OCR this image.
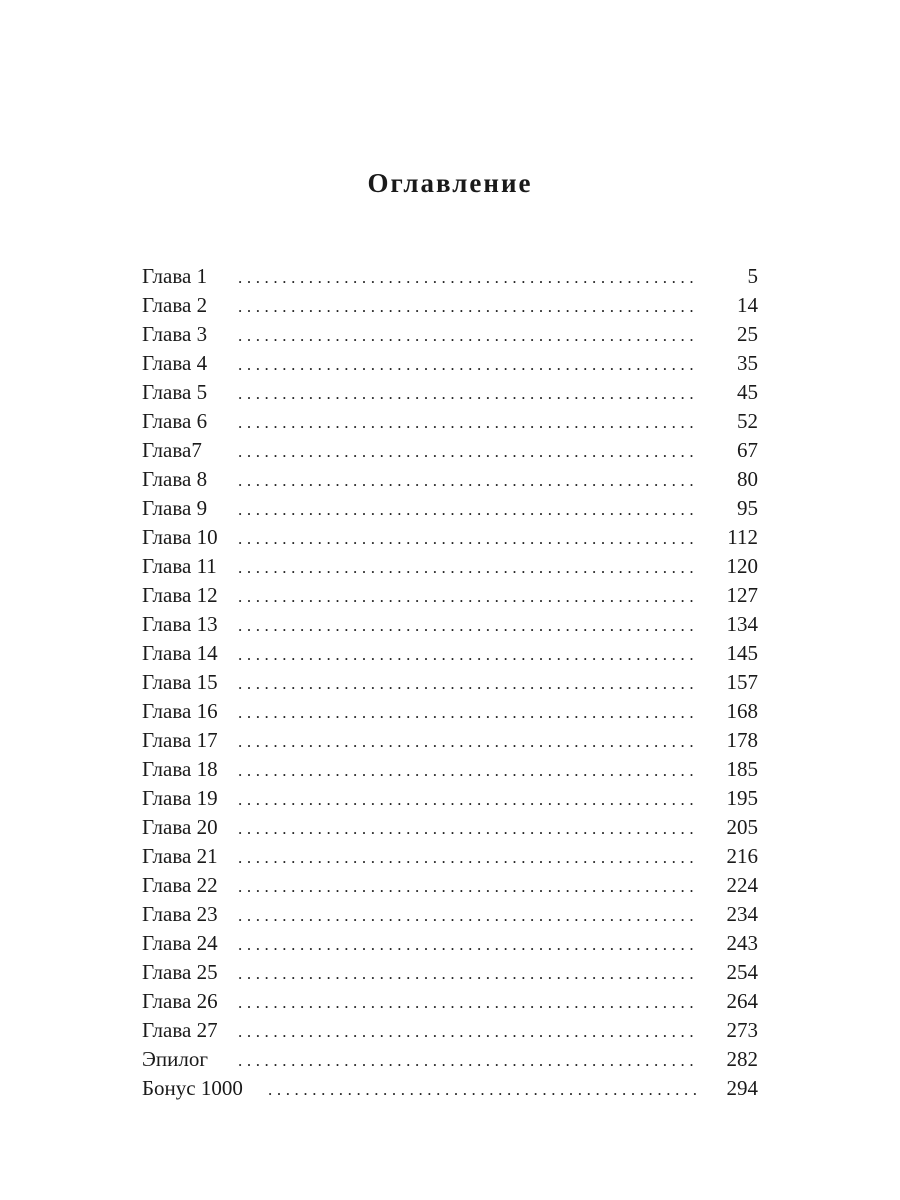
Оглавление
Глава 1 .....	5
Глава 2 .....	14
Глава 3 .....	25
Глава 4 .....	35
Глава 5 .....	45
Глава 6 .....	52
Глава7 .....	67
Глава 8 .....	80
Глава 9 .....	95
Глава 10 .....	112
Глава 11 .....	120
Глава 12 .....	127
Глава 13 .....	134
Глава 14 .....	145
Глава 15 .....	157
Глава 16 .....	168
Глава 17 .....	178
Глава 18 .....	185
Глава 19 .....	195
Глава 20 .....	205
Глава 21 .....	216
Глава 22 .....	224
Глава 23 .....	234
Глава 24 .....	243
Глава 25 .....	254
Глава 26 .....	264
Глава 27 .....	273
Эпилог .....	282
Бонус 1000 .....	294
